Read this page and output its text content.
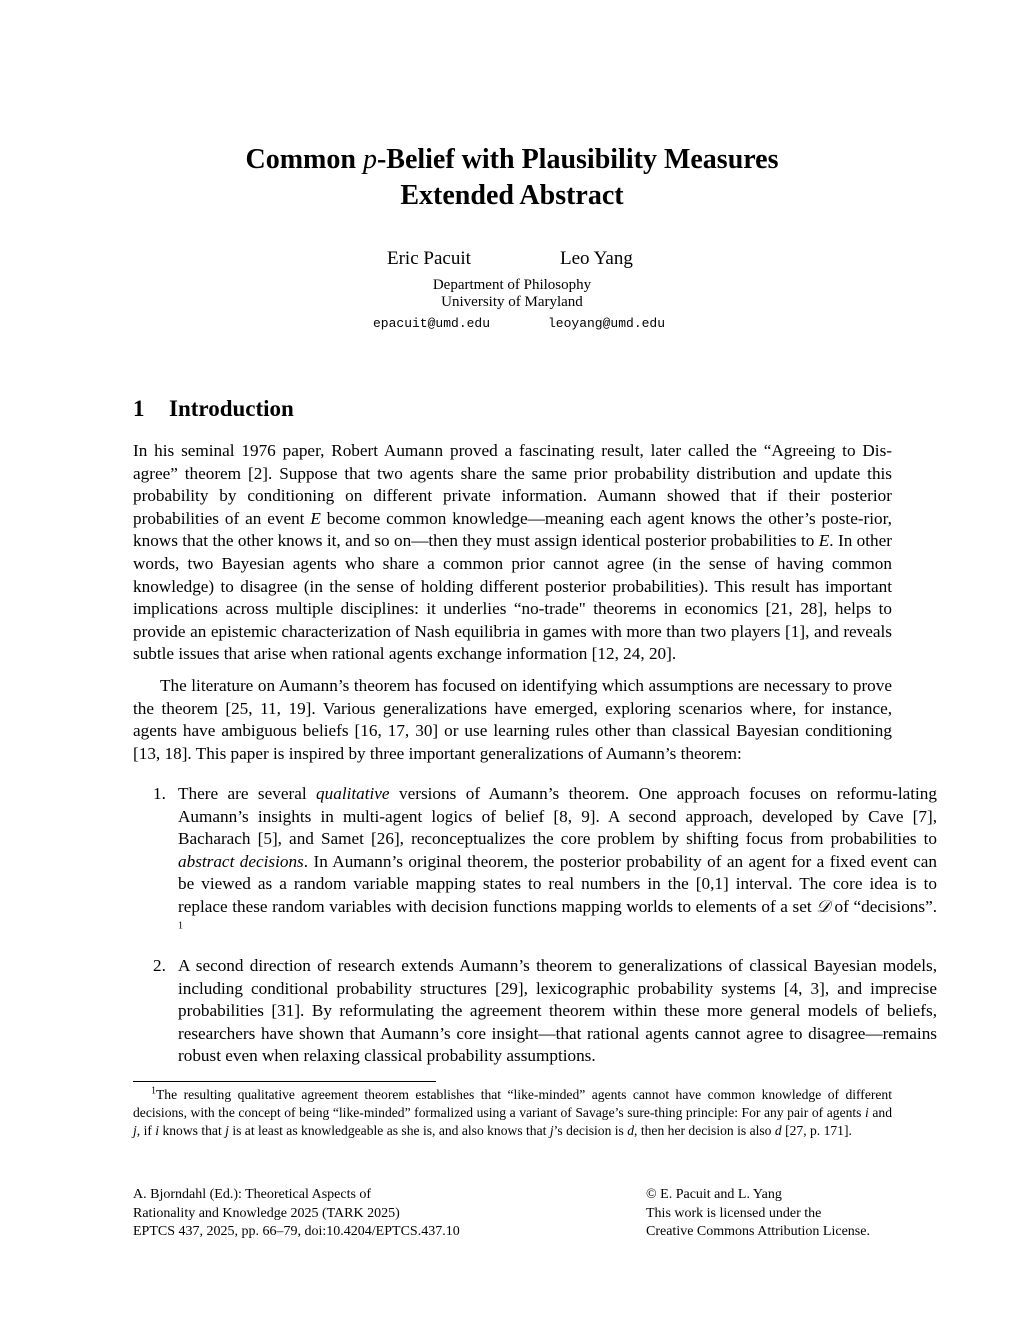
Common p-Belief with Plausibility Measures
Extended Abstract
Eric Pacuit	Leo Yang
Department of Philosophy
University of Maryland
epacuit@umd.edu	leoyang@umd.edu
1 Introduction
In his seminal 1976 paper, Robert Aumann proved a fascinating result, later called the “Agreeing to Dis-agree” theorem [2]. Suppose that two agents share the same prior probability distribution and update this probability by conditioning on different private information. Aumann showed that if their posterior probabilities of an event E become common knowledge—meaning each agent knows the other’s poste-rior, knows that the other knows it, and so on—then they must assign identical posterior probabilities to E. In other words, two Bayesian agents who share a common prior cannot agree (in the sense of having common knowledge) to disagree (in the sense of holding different posterior probabilities). This result has important implications across multiple disciplines: it underlies “no-trade" theorems in economics [21, 28], helps to provide an epistemic characterization of Nash equilibria in games with more than two players [1], and reveals subtle issues that arise when rational agents exchange information [12, 24, 20].
The literature on Aumann’s theorem has focused on identifying which assumptions are necessary to prove the theorem [25, 11, 19]. Various generalizations have emerged, exploring scenarios where, for instance, agents have ambiguous beliefs [16, 17, 30] or use learning rules other than classical Bayesian conditioning [13, 18]. This paper is inspired by three important generalizations of Aumann’s theorem:
1. There are several qualitative versions of Aumann’s theorem. One approach focuses on reformu-lating Aumann’s insights in multi-agent logics of belief [8, 9]. A second approach, developed by Cave [7], Bacharach [5], and Samet [26], reconceptualizes the core problem by shifting focus from probabilities to abstract decisions. In Aumann’s original theorem, the posterior probability of an agent for a fixed event can be viewed as a random variable mapping states to real numbers in the [0,1] interval. The core idea is to replace these random variables with decision functions mapping worlds to elements of a set 𝒟 of “decisions”. $^1$
2. A second direction of research extends Aumann’s theorem to generalizations of classical Bayesian models, including conditional probability structures [29], lexicographic probability systems [4, 3], and imprecise probabilities [31]. By reformulating the agreement theorem within these more general models of beliefs, researchers have shown that Aumann’s core insight—that rational agents cannot agree to disagree—remains robust even when relaxing classical probability assumptions.
$^1$The resulting qualitative agreement theorem establishes that “like-minded” agents cannot have common knowledge of different decisions, with the concept of being “like-minded” formalized using a variant of Savage’s sure-thing principle: For any pair of agents i and j, if i knows that j is at least as knowledgeable as she is, and also knows that j’s decision is d, then her decision is also d [27, p. 171].
A. Bjorndahl (Ed.): Theoretical Aspects of
Rationality and Knowledge 2025 (TARK 2025)
EPTCS 437, 2025, pp. 66–79, doi:10.4204/EPTCS.437.10
© E. Pacuit and L. Yang
This work is licensed under the
Creative Commons Attribution License.
